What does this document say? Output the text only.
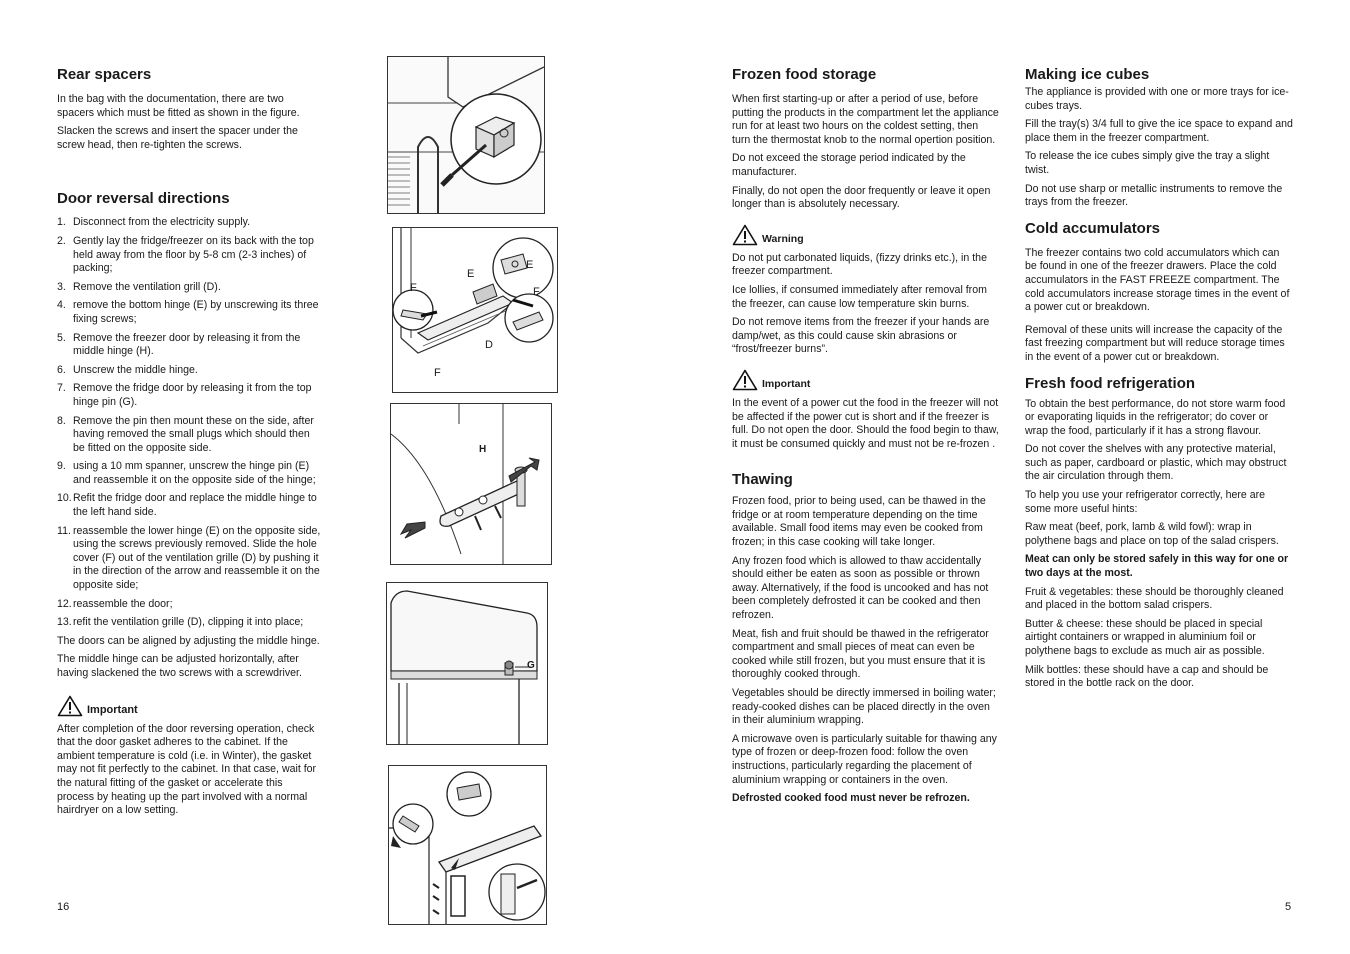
Rear spacers

In the bag with the documentation, there are two spacers which must be fitted as shown in the figure.

Slacken the screws and insert the spacer under the screw head, then re-tighten the screws.

Door reversal directions
1. Disconnect from the electricity supply.
2. Gently lay the fridge/freezer on its back with the top held away from the floor by 5-8 cm (2-3 inches) of packing;
3. Remove the ventilation grill (D).
4. remove the bottom hinge (E) by unscrewing its three fixing screws;
5. Remove the freezer door by releasing it from the middle hinge (H).
6. Unscrew the middle hinge.
7. Remove the fridge door by releasing it from the top hinge pin (G).
8. Remove the pin then mount these on the side, after having removed the small plugs which should then be fitted on the opposite side.
9. using a 10 mm spanner, unscrew the hinge pin (E) and reassemble it on the opposite side of the hinge;
10. Refit the fridge door and replace the middle hinge to the left hand side.
11. reassemble the lower hinge (E) on the opposite side, using the screws previously removed. Slide the hole cover (F) out of the ventilation grille (D) by pushing it in the direction of the arrow and reassemble it on the opposite side;
12. reassemble the door;
13. refit the ventilation grille (D), clipping it into place;

The doors can be aligned by adjusting the middle hinge.

The middle hinge can be adjusted horizontally, after having slackened the two screws with a screwdriver.

Important

After completion of the door reversing operation, check that the door gasket adheres to the cabinet. If the ambient temperature is cold (i.e. in Winter), the gasket may not fit perfectly to the cabinet. In that case, wait for the natural fitting of the gasket or accelerate this process by heating up the part involved with a normal hairdryer on a low setting.

16
E
E
F	F
F
D
H
G
Frozen food storage

When first starting-up or after a period of use, before putting the products in the compartment let the appliance run for at least two hours on the coldest setting, then turn the thermostat knob to the normal opertion position.

Do not exceed the storage period indicated by the manufacturer.

Finally, do not open the door frequently or leave it open longer than is absolutely necessary.

Warning

Do not put carbonated liquids, (fizzy drinks etc.), in the freezer compartment.

Ice lollies, if consumed immediately after removal from the freezer, can cause low temperature skin burns.

Do not remove items from the freezer if your hands are damp/wet, as this could cause skin abrasions or “frost/freezer burns”.

Important

In the event of a power cut the food in the freezer will not be affected if the power cut is short and if the freezer is full. Do not open the door. Should the food begin to thaw, it must be consumed quickly and must not be re-frozen .

Thawing

Frozen food, prior to being used, can be thawed in the fridge or at room temperature depending on the time available. Small food items may even be cooked from frozen; in this case cooking will take longer.

Any frozen food which is allowed to thaw accidentally should either be eaten as soon as possible or thrown away. Alternatively, if the food is uncooked and has not been completely defrosted it can be cooked and then refrozen.

Meat, fish and fruit should be thawed in the refrigerator compartment and small pieces of meat can even be cooked while still frozen, but you must ensure that it is thoroughly cooked through.

Vegetables should be directly immersed in boiling water; ready-cooked dishes can be placed directly in the oven in their aluminium wrapping.

A microwave oven is particularly suitable for thawing any type of frozen or deep-frozen food: follow the oven instructions, particularly regarding the placement of aluminium wrapping or containers in the oven.

Defrosted cooked food must never be refrozen.

Making ice cubes

The appliance is provided with one or more trays for ice-cubes trays.

Fill the tray(s) 3/4 full to give the ice space to expand and place them in the freezer compartment.

To release the ice cubes simply give the tray a slight twist.

Do not use sharp or metallic instruments to remove the trays from the freezer.

Cold accumulators

The freezer contains two cold accumulators which can be found in one of the freezer drawers. Place the cold accumulators in the FAST FREEZE compartment. The cold accumulators increase storage times in the event of a power cut or breakdown.

Removal of these units will increase the capacity of the fast freezing compartment but will reduce storage times in the event of a power cut or breakdown.

Fresh food refrigeration

To obtain the best performance, do not store warm food or evaporating liquids in the refrigerator; do cover or wrap the food, particularly if it has a strong flavour.

Do not cover the shelves with any protective material, such as paper, cardboard or plastic, which may obstruct the air circulation through them.

To help you use your refrigerator correctly, here are some more useful hints:

Raw meat (beef, pork, lamb & wild fowl): wrap in polythene bags and place on top of the salad crispers.

Meat can only be stored safely in this way for one or two days at the most.

Fruit & vegetables: these should be thoroughly cleaned and placed in the bottom salad crispers.

Butter & cheese: these should be placed in special airtight containers or wrapped in aluminium foil or polythene bags to exclude as much air as possible.

Milk bottles: these should have a cap and should be stored in the bottle rack on the door.

5
